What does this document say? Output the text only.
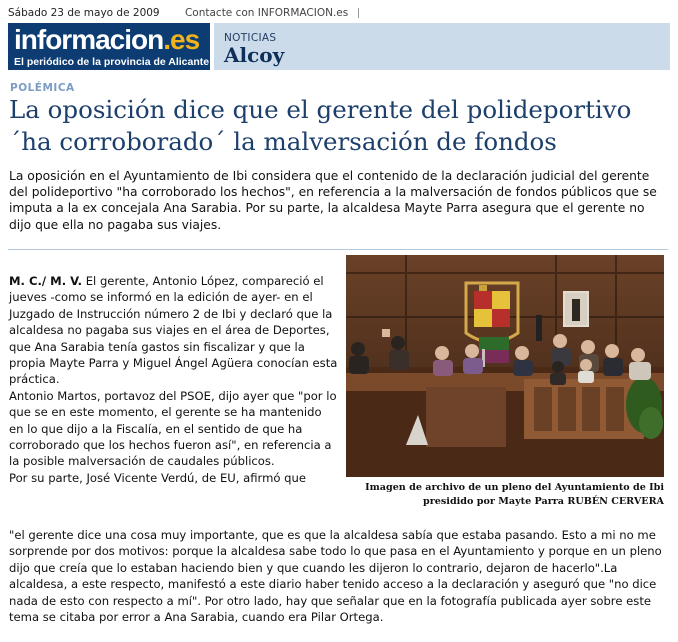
Sábado 23 de mayo de 2009 Contacte con INFORMACION.es
informacion.es
El periódico de la provincia de Alicante
NOTICIAS
Alcoy
POLÉMICA
La oposición dice que el gerente del polideportivo ´ha corroborado´ la malversación de fondos

La oposición en el Ayuntamiento de Ibi considera que el contenido de la declaración judicial del gerente del polideportivo "ha corroborado los hechos", en referencia a la malversación de fondos públicos que se imputa a la ex concejala Ana Sarabia. Por su parte, la alcaldesa Mayte Parra asegura que el gerente no dijo que ella no pagaba sus viajes.

M. C./ M. V. El gerente, Antonio López, compareció el jueves -como se informó en la edición de ayer- en el Juzgado de Instrucción número 2 de Ibi y declaró que la alcaldesa no pagaba sus viajes en el área de Deportes, que Ana Sarabia tenía gastos sin fiscalizar y que la propia Mayte Parra y Miguel Ángel Agüera conocían esta práctica.

Antonio Martos, portavoz del PSOE, dijo ayer que "por lo que se en este momento, el gerente se ha mantenido en lo que dijo a la Fiscalía, en el sentido de que ha corroborado que los hechos fueron así", en referencia a la posible malversación de caudales públicos.

Por su parte, José Vicente Verdú, de EU, afirmó que

Imagen de archivo de un pleno del Ayuntamiento de Ibi presidido por Mayte Parra RUBÉN CERVERA

"el gerente dice una cosa muy importante, que es que la alcaldesa sabía que estaba pasando. Esto a mi no me sorprende por dos motivos: porque la alcaldesa sabe todo lo que pasa en el Ayuntamiento y porque en un pleno dijo que creía que lo estaban haciendo bien y que cuando les dijeron lo contrario, dejaron de hacerlo".La alcaldesa, a este respecto, manifestó a este diario haber tenido acceso a la declaración y aseguró que "no dice nada de esto con respecto a mí". Por otro lado, hay que señalar que en la fotografía publicada ayer sobre este tema se citaba por error a Ana Sarabia, cuando era Pilar Ortega.
